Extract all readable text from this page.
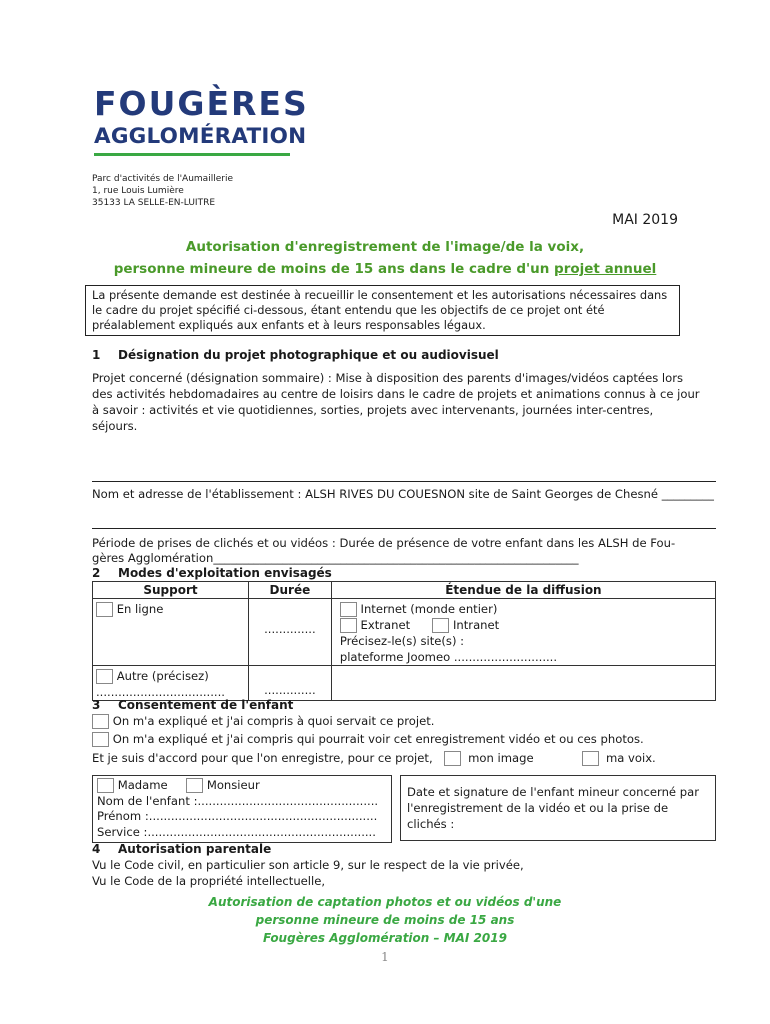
FOUGÈRES
AGGLOMÉRATION
Parc d'activités de l'Aumaillerie
1, rue Louis Lumière
35133 LA SELLE-EN-LUITRE
MAI 2019
Autorisation d'enregistrement de l'image/de la voix,
personne mineure de moins de 15 ans dans le cadre d'un projet annuel
La présente demande est destinée à recueillir le consentement et les autorisations nécessaires dans le cadre du projet spécifié ci-dessous, étant entendu que les objectifs de ce projet ont été préalablement expliqués aux enfants et à leurs responsables légaux.
1 Désignation du projet photographique et ou audiovisuel
Projet concerné (désignation sommaire) : Mise à disposition des parents d'images/vidéos captées lors des activités hebdomadaires au centre de loisirs dans le cadre de projets et animations connus à ce jour à savoir : activités et vie quotidiennes, sorties, projets avec intervenants, journées inter-centres, séjours.
Nom et adresse de l'établissement : ALSH RIVES DU COUESNON site de Saint Georges de Chesné _________
Période de prises de clichés et ou vidéos : Durée de présence de votre enfant dans les ALSH de Fou-
gères Agglomération_______________________________________________________________
2 Modes d'exploitation envisagés
Support	Durée	Étendue de la diffusion
En ligne	..............	Internet (monde entier)
Extranet Intranet
Précisez-le(s) site(s) :
plateforme Joomeo ............................

Autre (précisez)
...................................	..............	
3 Consentement de l'enfant
On m'a expliqué et j'ai compris à quoi servait ce projet.
On m'a expliqué et j'ai compris qui pourrait voir cet enregistrement vidéo et ou ces photos.
Et je suis d'accord pour que l'on enregistre, pour ce projet,	mon image	ma voix.
Madame	Monsieur
Nom de l'enfant :.................................................
Prénom :..............................................................
Service :..............................................................
Date et signature de l'enfant mineur concerné par l'enregistrement de la vidéo et ou la prise de clichés :
4 Autorisation parentale
Vu le Code civil, en particulier son article 9, sur le respect de la vie privée,
Vu le Code de la propriété intellectuelle,
Autorisation de captation photos et ou vidéos d'une
personne mineure de moins de 15 ans
Fougères Agglomération – MAI 2019
1
